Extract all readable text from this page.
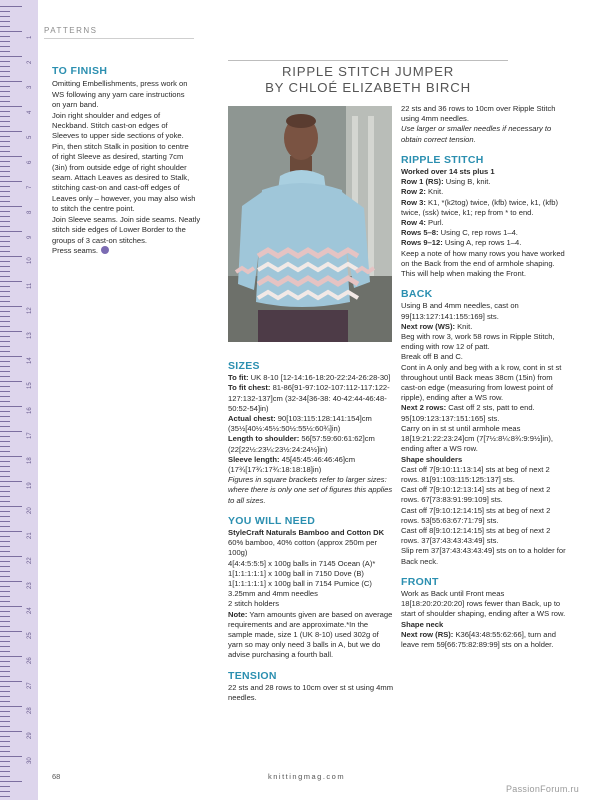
1
2
3
4
5
6
7
8
9
10
11
12
13
14
15
16
17
18
19
20
21
22
23
24
25
26
27
28
29
30
PATTERNS
TO FINISH
Omitting Embellishments, press work on
WS following any yarn care instructions
on yarn band.
Join right shoulder and edges of
Neckband. Stitch cast-on edges of
Sleeves to upper side sections of yoke.
Pin, then stitch Stalk in position to centre
of right Sleeve as desired, starting 7cm
(3in) from outside edge of right shoulder
seam. Attach Leaves as desired to Stalk,
stitching cast-on and cast-off edges of
Leaves only – however, you may also wish
to stitch the centre point.
Join Sleeve seams. Join side seams. Neatly
stitch side edges of Lower Border to the
groups of 3 cast-on stitches.
Press seams.
RIPPLE STITCH JUMPER
BY CHLOÉ ELIZABETH BIRCH
SIZES

To fit: UK 8-10 [12-14:16-18:20-22:24-26:28-30]

To fit chest: 81-86[91-97:102-107:112-117:122-127:132-137]cm (32-34[36-38: 40-42:44-46:48-50:52-54]in)

Actual chest: 90[103:115:128:141:154]cm (35½[40½:45½:50½:55½:60¾]in)

Length to shoulder: 56[57:59:60:61:62]cm (22[22½:23¼:23½:24:24½]in)

Sleeve length: 45[45:45:46:46:46]cm (17¾[17¾:17¾:18:18:18]in)

Figures in square brackets refer to larger sizes: where there is only one set of figures this applies to all sizes.

YOU WILL NEED

StyleCraft Naturals Bamboo and Cotton DK 60% bamboo, 40% cotton (approx 250m per 100g)

4[4:4:5:5:5] x 100g balls in 7145 Ocean (A)*

1[1:1:1:1:1] x 100g ball in 7150 Dove (B)

1[1:1:1:1:1] x 100g ball in 7154 Pumice (C)

3.25mm and 4mm needles

2 stitch holders

Note: Yarn amounts given are based on average requirements and are approximate.*In the sample made, size 1 (UK 8-10) used 302g of yarn so may only need 3 balls in A, but we do advise purchasing a fourth ball.

TENSION

22 sts and 28 rows to 10cm over st st using 4mm needles.

22 sts and 36 rows to 10cm over Ripple Stitch using 4mm needles.

Use larger or smaller needles if necessary to obtain correct tension.

RIPPLE STITCH

Worked over 14 sts plus 1

Row 1 (RS): Using B, knit.

Row 2: Knit.

Row 3: K1, *(k2tog) twice, (kfb) twice, k1, (kfb) twice, (ssk) twice, k1; rep from * to end.

Row 4: Purl.

Rows 5–8: Using C, rep rows 1–4.

Rows 9–12: Using A, rep rows 1–4.

Keep a note of how many rows you have worked on the Back from the end of armhole shaping. This will help when making the Front.

BACK

Using B and 4mm needles, cast on 99[113:127:141:155:169] sts.

Next row (WS): Knit.

Beg with row 3, work 58 rows in Ripple Stitch, ending with row 12 of patt.

Break off B and C.

Cont in A only and beg with a k row, cont in st st throughout until Back meas 38cm (15in) from cast-on edge (measuring from lowest point of ripple), ending after a WS row.

Next 2 rows: Cast off 2 sts, patt to end. 95[109:123:137:151:165] sts.

Carry on in st st until armhole meas 18[19:21:22:23:24]cm (7[7½:8¼:8¾:9:9½]in), ending after a WS row.

Shape shoulders

Cast off 7[9:10:11:13:14] sts at beg of next 2 rows. 81[91:103:115:125:137] sts.

Cast off 7[9:10:12:13:14] sts at beg of next 2 rows. 67[73:83:91:99:109] sts.

Cast off 7[9:10:12:14:15] sts at beg of next 2 rows. 53[55:63:67:71:79] sts.

Cast off 8[9:10:12:14:15] sts at beg of next 2 rows. 37[37:43:43:43:49] sts.

Slip rem 37[37:43:43:43:49] sts on to a holder for Back neck.

FRONT

Work as Back until Front meas 18[18:20:20:20:20] rows fewer than Back, up to start of shoulder shaping, ending after a WS row.

Shape neck

Next row (RS): K36[43:48:55:62:66], turn and leave rem 59[66:75:82:89:99] sts on a holder.

68	knittingmag.com
PassionForum.ru
